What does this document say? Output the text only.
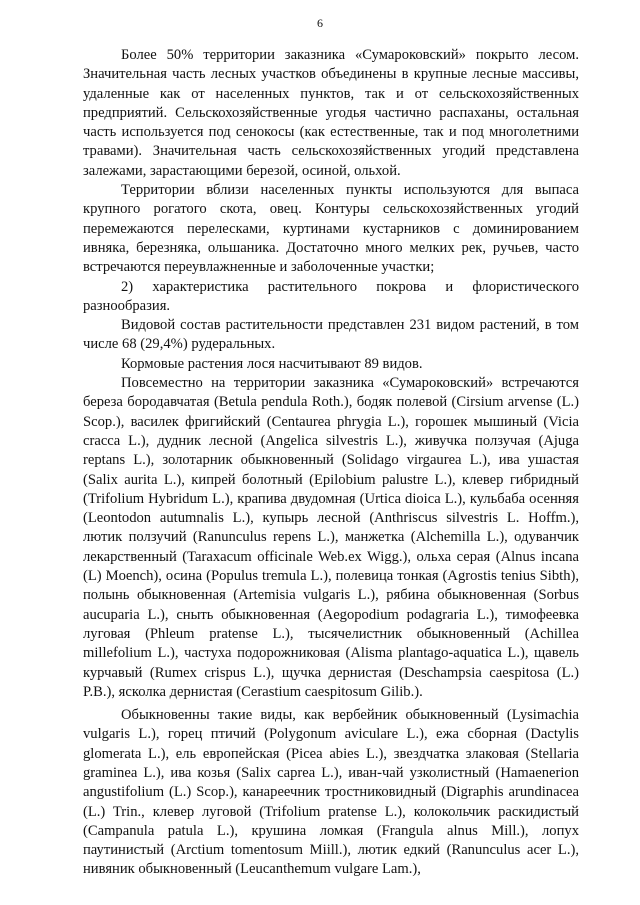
6

Более 50% территории заказника «Сумароковский» покрыто лесом. Значительная часть лесных участков объединены в крупные лесные массивы, удаленные как от населенных пунктов, так и от сельскохозяйственных предприятий. Сельскохозяйственные угодья частично распаханы, остальная часть используется под сенокосы (как естественные, так и под многолетними травами). Значительная часть сельскохозяйственных угодий представлена залежами, зарастающими березой, осиной, ольхой.

Территории вблизи населенных пункты используются для выпаса крупного рогатого скота, овец. Контуры сельскохозяйственных угодий перемежаются перелесками, куртинами кустарников с доминированием ивняка, березняка, ольшаника. Достаточно много мелких рек, ручьев, часто встречаются переувлажненные и заболоченные участки;

2) характеристика растительного покрова и флористического разнообразия.

Видовой состав растительности представлен 231 видом растений, в том числе 68 (29,4%) рудеральных.

Кормовые растения лося насчитывают 89 видов.

Повсеместно на территории заказника «Сумароковский» встречаются береза бородавчатая (Betula pendula Roth.), бодяк полевой (Cirsium arvense (L.) Scop.), василек фригийский (Centaurea phrygia L.), горошек мышиный (Vicia cracca L.), дудник лесной (Angelica silvestris L.), живучка ползучая (Ajuga reptans L.), золотарник обыкновенный (Solidago virgaurea L.), ива ушастая (Salix aurita L.), кипрей болотный (Epilobium palustre L.), клевер гибридный (Trifolium Hybridum L.), крапива двудомная (Urtica dioica L.), кульбаба осенняя (Leontodon autumnalis L.), купырь лесной (Anthriscus silvestris L. Hoffm.), лютик ползучий (Ranunculus repens L.), манжетка (Alchemilla L.), одуванчик лекарственный (Taraxacum officinale Web.ex Wigg.), ольха серая (Alnus incana (L) Moench), осина (Populus tremula L.), полевица тонкая (Agrostis tenius Sibth), полынь обыкновенная (Artemisia vulgaris L.), рябина обыкновенная (Sorbus aucuparia L.), сныть обыкновенная (Aegopodium podagraria L.), тимофеевка луговая (Phleum pratense L.), тысячелистник обыкновенный (Achillea millefolium L.), частуха подорожниковая (Alisma plantago-aquatica L.), щавель курчавый (Rumex crispus L.), щучка дернистая (Deschampsia caespitosa (L.) P.B.), ясколка дернистая (Cerastium caespitosum Gilib.).

Обыкновенны такие виды, как вербейник обыкновенный (Lysimachia vulgaris L.), горец птичий (Polygonum aviculare L.), ежа сборная (Dactylis glomerata L.), ель европейская (Picea abies L.), звездчатка злаковая (Stellaria graminea L.), ива козья (Salix caprea L.), иван-чай узколистный (Hamaenerion angustifolium (L.) Scop.), канареечник тростниковидный (Digraphis arundinacea (L.) Trin., клевер луговой (Trifolium pratense L.), колокольчик раскидистый (Campanula patula L.), крушина ломкая (Frangula alnus Mill.), лопух паутинистый (Arctium tomentosum Miill.), лютик едкий (Ranunculus acer L.), нивяник обыкновенный (Leucanthemum vulgare Lam.),
